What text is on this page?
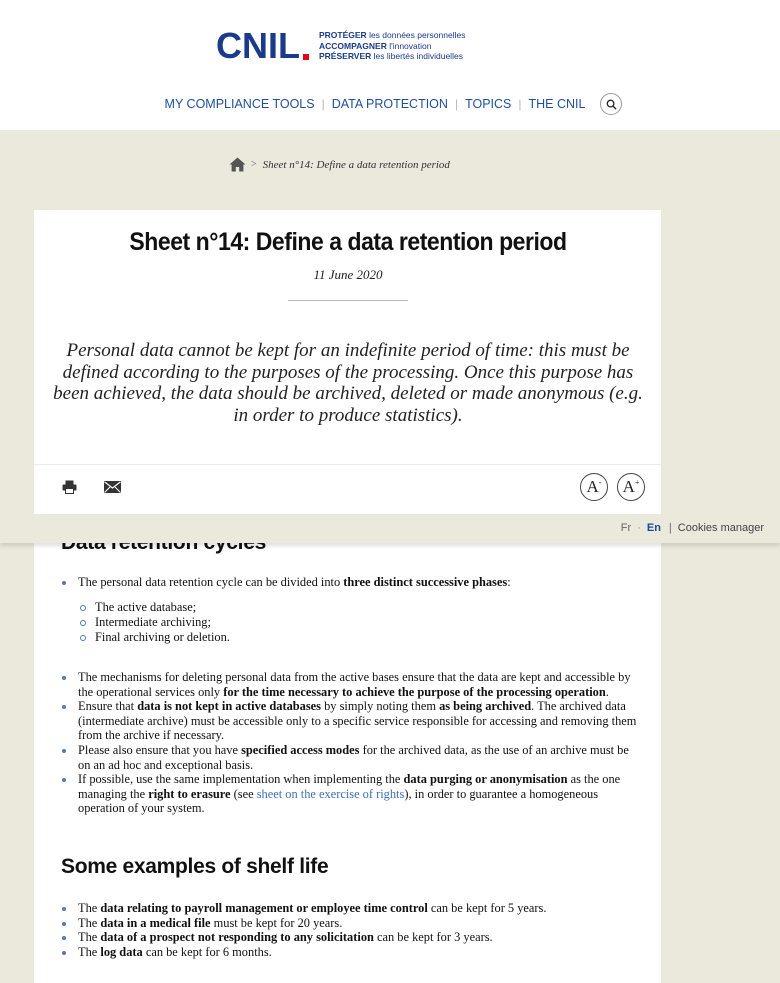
CNIL PROTÉGER les données personnelles
ACCOMPAGNER l'innovation
PRÉSERVER les libertés individuelles
MY COMPLIANCE TOOLS | DATA PROTECTION | TOPICS | THE CNIL
> Sheet n°14: Define a data retention period
Sheet n°14: Define a data retention period
11 June 2020
Personal data cannot be kept for an indefinite period of time: this must be defined according to the purposes of the processing. Once this purpose has been achieved, the data should be archived, deleted or made anonymous (e.g. in order to produce statistics).
A- A+
The personal data retention cycle can be divided into three distinct successive phases:
The active database;
Intermediate archiving;
Final archiving or deletion.
The mechanisms for deleting personal data from the active bases ensure that the data are kept and accessible by the operational services only for the time necessary to achieve the purpose of the processing operation.
Ensure that data is not kept in active databases by simply noting them as being archived. The archived data (intermediate archive) must be accessible only to a specific service responsible for accessing and removing them from the archive if necessary.
Please also ensure that you have specified access modes for the archived data, as the use of an archive must be on an ad hoc and exceptional basis.
If possible, use the same implementation when implementing the data purging or anonymisation as the one managing the right to erasure (see sheet on the exercise of rights), in order to guarantee a homogeneous operation of your system.
Some examples of shelf life
The data relating to payroll management or employee time control can be kept for 5 years.
The data in a medical file must be kept for 20 years.
The data of a prospect not responding to any solicitation can be kept for 3 years.
The log data can be kept for 6 months.
Fr · En | Cookies manager
